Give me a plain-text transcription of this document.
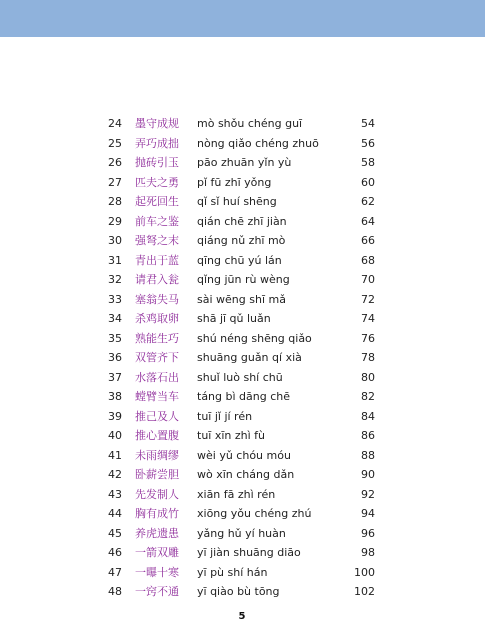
24 墨守成规	mò shǒu chéng guī	54
25 弄巧成拙	nòng qiǎo chéng zhuō	56
26 抛砖引玉	pāo zhuān yǐn yù	58
27 匹夫之勇	pǐ fū zhī yǒng	60
28 起死回生	qǐ sǐ huí shēng	62
29 前车之鉴	qián chē zhī jiàn	64
30 强弩之末	qiáng nǔ zhī mò	66
31 青出于蓝	qīng chū yú lán	68
32 请君入瓮	qǐng jūn rù wèng	70
33 塞翁失马	sài wēng shī mǎ	72
34 杀鸡取卵	shā jī qǔ luǎn	74
35 熟能生巧	shú néng shēng qiǎo	76
36 双管齐下	shuāng guǎn qí xià	78
37 水落石出	shuǐ luò shí chū	80
38 螳臂当车	táng bì dāng chē	82
39 推己及人	tuī jǐ jí rén	84
40 推心置腹	tuī xīn zhì fù	86
41 未雨绸缪	wèi yǔ chóu móu	88
42 卧薪尝胆	wò xīn cháng dǎn	90
43 先发制人	xiān fā zhì rén	92
44 胸有成竹	xiōng yǒu chéng zhú	94
45 养虎遗患	yǎng hǔ yí huàn	96
46 一箭双雕	yī jiàn shuāng diāo	98
47 一曝十寒	yī pù shí hán	100
48 一窍不通	yī qiào bù tōng	102
5
